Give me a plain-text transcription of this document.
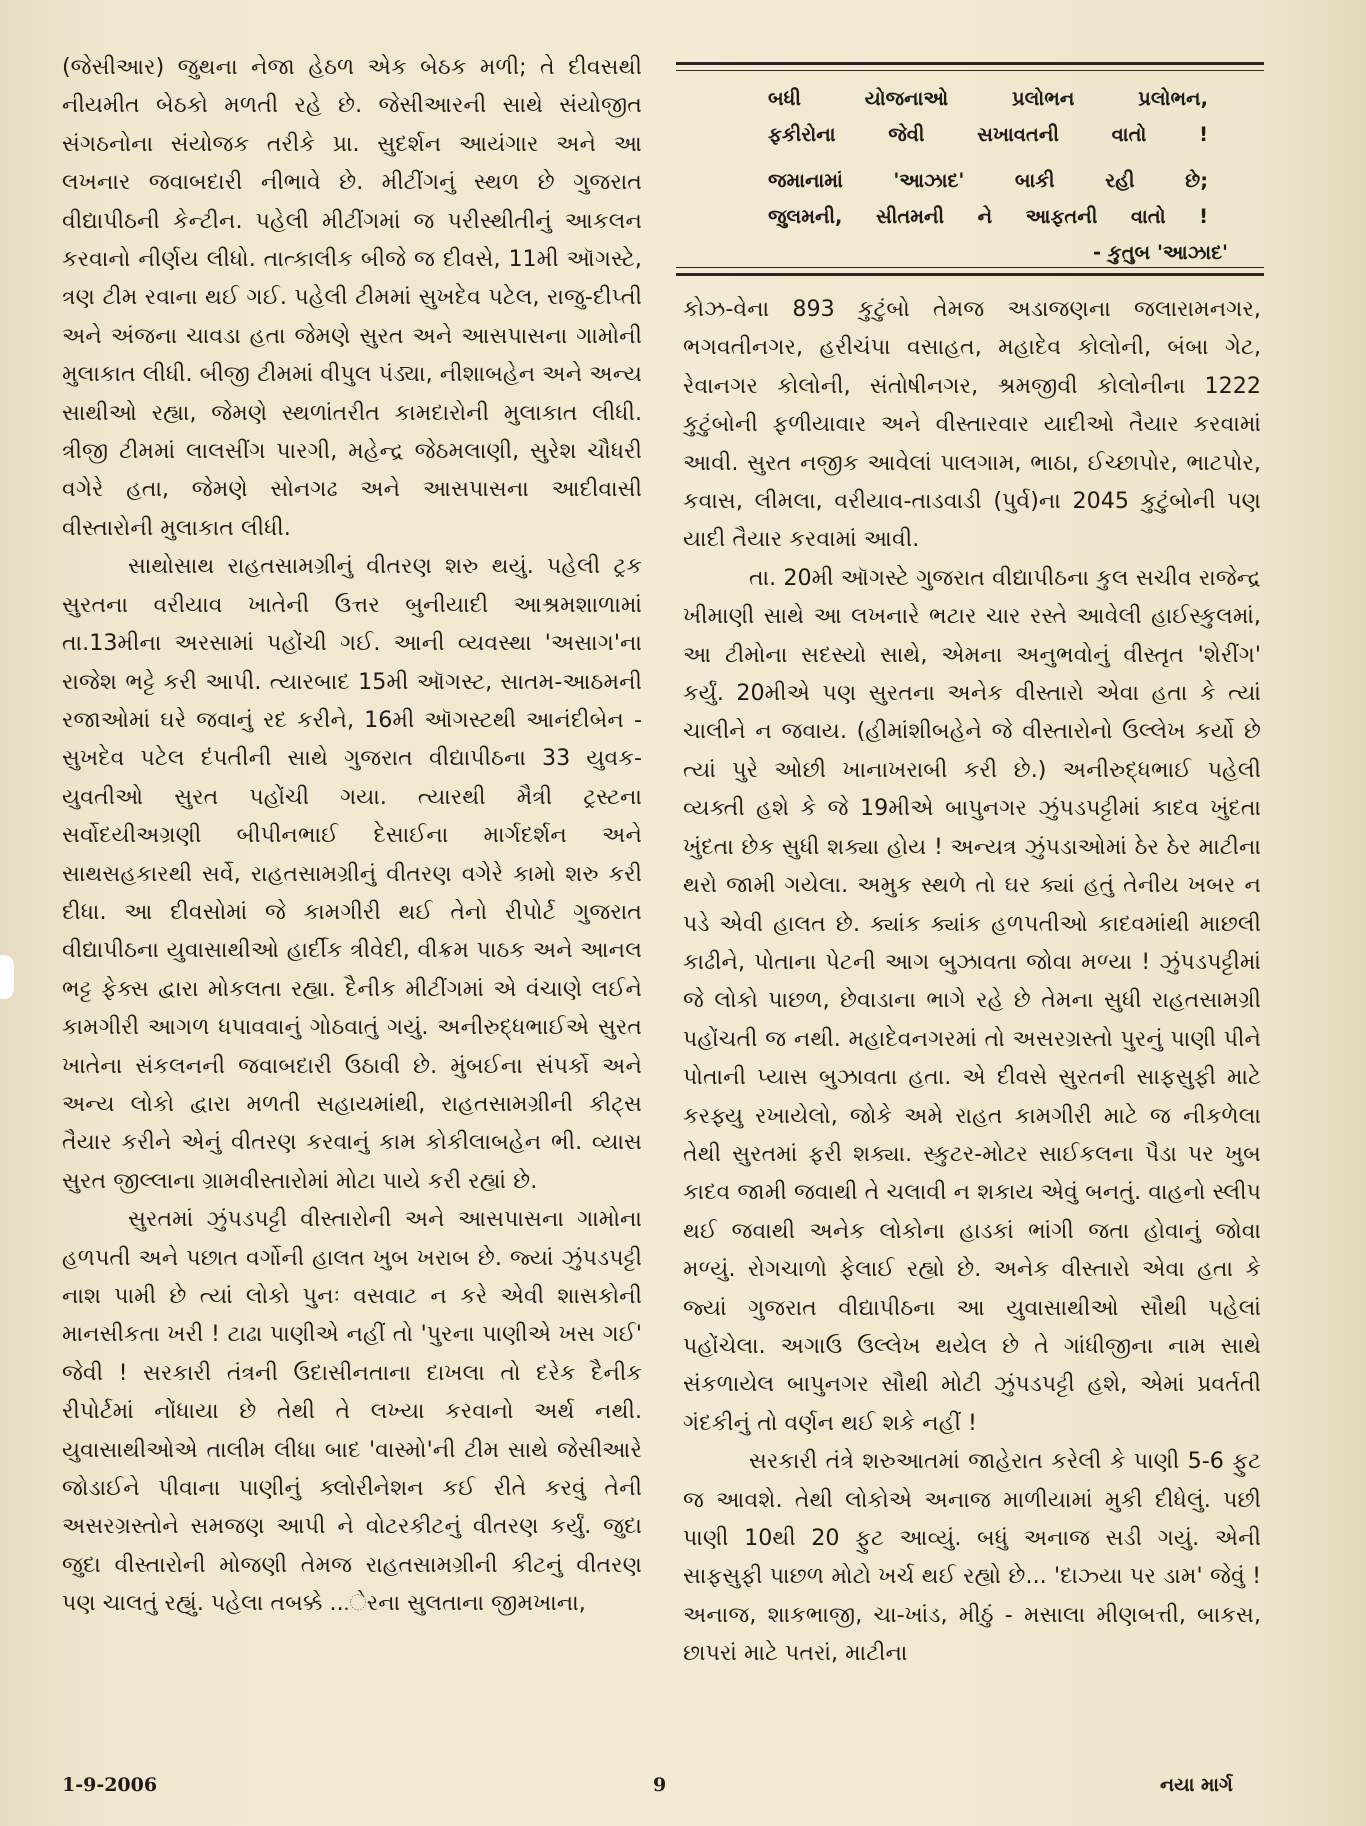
(જેસીઆર) જુથના નેજા હેઠળ એક બેઠક મળી; તે દીવસથી નીયમીત બેઠકો મળતી રહે છે. જેસીઆરની સાથે સંયોજીત સંગઠનોના સંયોજક તરીકે પ્રા. સુદર્શન આયંગાર અને આ લખનાર જવાબદારી નીભાવે છે. મીટીંગનું સ્થળ છે ગુજરાત વીદ્યાપીઠની કેન્ટીન. પહેલી મીટીંગમાં જ પરીસ્થીતીનું આકલન કરવાનો નીર્ણય લીધો. તાત્કાલીક બીજે જ દીવસે, 11મી ઑગસ્ટે, ત્રણ ટીમ રવાના થઈ ગઈ. પહેલી ટીમમાં સુખદેવ પટેલ, રાજુ-દીપ્તી અને અંજના ચાવડા હતા જેમણે સુરત અને આસપાસના ગામોની મુલાકાત લીધી. બીજી ટીમમાં વીપુલ પંડ્યા, નીશાબહેન અને અન્ય સાથીઓ રહ્યા, જેમણે સ્થળાંતરીત કામદારોની મુલાકાત લીધી. ત્રીજી ટીમમાં લાલસીંગ પારગી, મહેન્દ્ર જેઠમલાણી, સુરેશ ચૌધરી વગેરે હતા, જેમણે સોનગઢ અને આસપાસના આદીવાસી વીસ્તારોની મુલાકાત લીધી.

સાથોસાથ રાહતસામગ્રીનું વીતરણ શરુ થયું. પહેલી ટ્રક સુરતના વરીયાવ ખાતેની ઉત્તર બુનીયાદી આશ્રમશાળામાં તા.13મીના અરસામાં પહોંચી ગઈ. આની વ્યવસ્થા 'અસાગ'ના રાજેશ ભટ્ટે કરી આપી. ત્યારબાદ 15મી ઑગસ્ટ, સાતમ-આઠમની રજાઓમાં ઘરે જવાનું રદ કરીને, 16મી ઑગસ્ટથી આનંદીબેન - સુખદેવ પટેલ દંપતીની સાથે ગુજરાત વીદ્યાપીઠના 33 યુવક-યુવતીઓ સુરત પહોંચી ગયા. ત્યારથી મૈત્રી ટ્રસ્ટના સર્વોદયીઅગ્રણી બીપીનભાઈ દેસાઈના માર્ગદર્શન અને સાથસહકારથી સર્વે, રાહતસામગ્રીનું વીતરણ વગેરે કામો શરુ કરી દીધા. આ દીવસોમાં જે કામગીરી થઈ તેનો રીપોર્ટ ગુજરાત વીદ્યાપીઠના યુવાસાથીઓ હાર્દીક ત્રીવેદી, વીક્રમ પાઠક અને આનલ ભટ્ટ ફેક્સ દ્વારા મોકલતા રહ્યા. દૈનીક મીટીંગમાં એ વંચાણે લઈને કામગીરી આગળ ધપાવવાનું ગોઠવાતું ગયું. અનીરુદ્ધભાઈએ સુરત ખાતેના સંકલનની જવાબદારી ઉઠાવી છે. મુંબઈના સંપર્કો અને અન્ય લોકો દ્વારા મળતી સહાયમાંથી, રાહતસામગ્રીની કીટ્સ તૈયાર કરીને એનું વીતરણ કરવાનું કામ કોકીલાબહેન ભી. વ્યાસ સુરત જીલ્લાના ગ્રામવીસ્તારોમાં મોટા પાયે કરી રહ્યાં છે.

સુરતમાં ઝુંપડપટ્ટી વીસ્તારોની અને આસપાસના ગામોના હળપતી અને પછાત વર્ગોની હાલત ખુબ ખરાબ છે. જ્યાં ઝુંપડપટ્ટી નાશ પામી છે ત્યાં લોકો પુનઃ વસવાટ ન કરે એવી શાસકોની માનસીકતા ખરી ! ટાઢા પાણીએ નહીં તો 'પુરના પાણીએ ખસ ગઈ' જેવી ! સરકારી તંત્રની ઉદાસીનતાના દાખલા તો દરેક દૈનીક રીપોર્ટમાં નોંધાયા છે તેથી તે લખ્યા કરવાનો અર્થ નથી. યુવાસાથીઓએ તાલીમ લીધા બાદ 'વાસ્મો'ની ટીમ સાથે જેસીઆરે જોડાઈને પીવાના પાણીનું ક્લોરીનેશન કઈ રીતે કરવું તેની અસરગ્રસ્તોને સમજણ આપી ને વોટરકીટનું વીતરણ કર્યું. જુદા જુદા વીસ્તારોની મોજણી તેમજ રાહતસામગ્રીની કીટનું વીતરણ પણ ચાલતું રહ્યું. પહેલા તબક્કે ...ેરના સુલતાના જીમખાના,

બધી યોજનાઓ પ્રલોભન પ્રલોભન,
ફકીરોના જેવી સખાવતની વાતો !
જમાનામાં 'આઝાદ' બાકી રહી છે;
જુલમની, સીતમની ને આફતની વાતો !
- કુતુબ 'આઝાદ'

કોઝ-વેના 893 કુટુંબો તેમજ અડાજણના જલારામનગર, ભગવતીનગર, હરીચંપા વસાહત, મહાદેવ કોલોની, બંબા ગેટ, રેવાનગર કોલોની, સંતોષીનગર, શ્રમજીવી કોલોનીના 1222 કુટુંબોની ફળીયાવાર અને વીસ્તારવાર યાદીઓ તૈયાર કરવામાં આવી. સુરત નજીક આવેલાં પાલગામ, ભાઠા, ઈચ્છાપોર, ભાટપોર, કવાસ, લીમલા, વરીયાવ-તાડવાડી (પુર્વ)ના 2045 કુટુંબોની પણ યાદી તૈયાર કરવામાં આવી.

તા. 20મી ઑગસ્ટે ગુજરાત વીદ્યાપીઠના કુલ સચીવ રાજેન્દ્ર ખીમાણી સાથે આ લખનારે ભટાર ચાર રસ્તે આવેલી હાઈસ્કુલમાં, આ ટીમોના સદસ્યો સાથે, એમના અનુભવોનું વીસ્તૃત 'શેરીંગ' કર્યું. 20મીએ પણ સુરતના અનેક વીસ્તારો એવા હતા કે ત્યાં ચાલીને ન જવાય. (હીમાંશીબહેને જે વીસ્તારોનો ઉલ્લેખ કર્યો છે ત્યાં પુરે ઓછી ખાનાખરાબી કરી છે.) અનીરુદ્ધભાઈ પહેલી વ્યક્તી હશે કે જે 19મીએ બાપુનગર ઝુંપડપટ્ટીમાં કાદવ ખુંદતા ખુંદતા છેક સુધી શક્યા હોય ! અન્યત્ર ઝુંપડાઓમાં ઠેર ઠેર માટીના થરો જામી ગયેલા. અમુક સ્થળે તો ઘર ક્યાં હતું તેનીય ખબર ન પડે એવી હાલત છે. ક્યાંક ક્યાંક હળપતીઓ કાદવમાંથી માછલી કાઢીને, પોતાના પેટની આગ બુઝાવતા જોવા મળ્યા ! ઝુંપડપટ્ટીમાં જે લોકો પાછળ, છેવાડાના ભાગે રહે છે તેમના સુધી રાહતસામગ્રી પહોંચતી જ નથી. મહાદેવનગરમાં તો અસરગ્રસ્તો પુરનું પાણી પીને પોતાની પ્યાસ બુઝાવતા હતા. એ દીવસે સુરતની સાફસુફી માટે કરફ્યુ રખાયેલો, જોકે અમે રાહત કામગીરી માટે જ નીકળેલા તેથી સુરતમાં ફરી શક્યા. સ્કુટર-મોટર સાઈકલના પૈડા પર ખુબ કાદવ જામી જવાથી તે ચલાવી ન શકાય એવું બનતું. વાહનો સ્લીપ થઈ જવાથી અનેક લોકોના હાડકાં ભાંગી જતા હોવાનું જોવા મળ્યું. રોગચાળો ફેલાઈ રહ્યો છે. અનેક વીસ્તારો એવા હતા કે જ્યાં ગુજરાત વીદ્યાપીઠના આ યુવાસાથીઓ સૌથી પહેલાં પહોંચેલા. અગાઉ ઉલ્લેખ થયેલ છે તે ગાંધીજીના નામ સાથે સંકળાયેલ બાપુનગર સૌથી મોટી ઝુંપડપટ્ટી હશે, એમાં પ્રવર્તતી ગંદકીનું તો વર્ણન થઈ શકે નહીં !

સરકારી તંત્રે શરુઆતમાં જાહેરાત કરેલી કે પાણી 5-6 ફુટ જ આવશે. તેથી લોકોએ અનાજ માળીયામાં મુકી દીધેલું. પછી પાણી 10થી 20 ફુટ આવ્યું. બધું અનાજ સડી ગયું. એની સાફસુફી પાછળ મોટો ખર્ચ થઈ રહ્યો છે... 'દાઝ્યા પર ડામ' જેવું ! અનાજ, શાકભાજી, ચા-ખાંડ, મીઠું - મસાલા મીણબત્તી, બાકસ, છાપરાં માટે પતરાં, માટીના

1-9-2006	9	નયા માર્ગ
